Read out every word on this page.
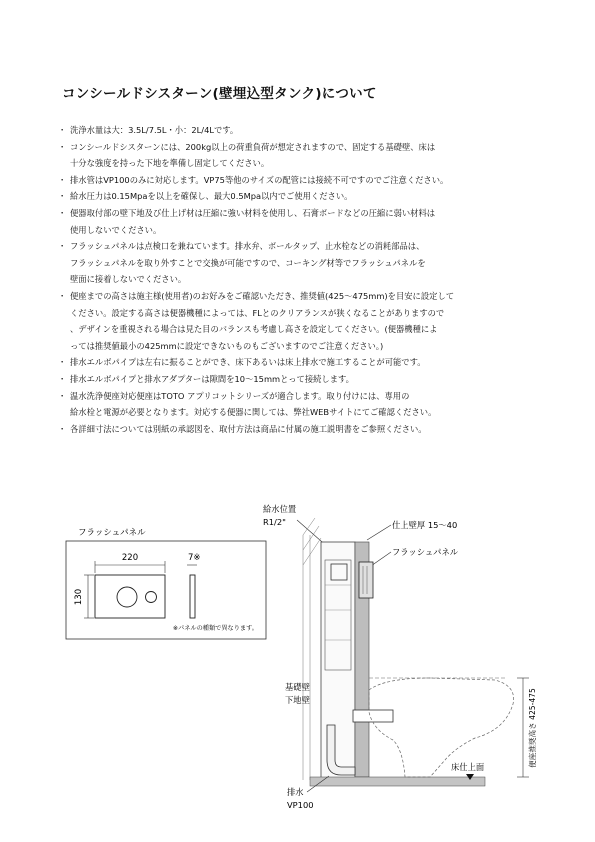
コンシールドシスターン(壁埋込型タンク)について
・ 洗浄水量は大：3.5L/7.5L・小：2L/4Lです。
・ コンシールドシスターンには、200kg以上の荷重負荷が想定されますので、固定する基礎壁、床は
十分な強度を持った下地を準備し固定してください。
・ 排水管はVP100のみに対応します。VP75等他のサイズの配管には接続不可ですのでご注意ください。
・ 給水圧力は0.15Mpaを以上を確保し、最大0.5Mpa以内でご使用ください。
・ 便器取付部の壁下地及び仕上げ材は圧縮に強い材料を使用し、石膏ボードなどの圧縮に弱い材料は
使用しないでください。
・ フラッシュパネルは点検口を兼ねています。排水弁、ボールタップ、止水栓などの消耗部品は、
フラッシュパネルを取り外すことで交換が可能ですので、コーキング材等でフラッシュパネルを
壁面に接着しないでください。
・ 便座までの高さは施主様(使用者)のお好みをご確認いただき、推奨値(425〜475mm)を目安に設定して
ください。設定する高さは便器機種によっては、FLとのクリアランスが狭くなることがありますので
、デザインを重視される場合は見た目のバランスも考慮し高さを設定してください。(便器機種によ
っては推奨値最小の425mmに設定できないものもございますのでご注意ください。)
・ 排水エルボパイプは左右に振ることができ、床下あるいは床上排水で施工することが可能です。
・ 排水エルボパイプと排水アダプターは隙間を10〜15mmとって接続します。
・ 温水洗浄便座対応便座はTOTO アプリコットシリーズが適合します。取り付けには、専用の
給水栓と電源が必要となります。対応する便器に関しては、弊社WEBサイトにてご確認ください。
・ 各詳細寸法については別紙の承認図を、取付方法は商品に付属の施工説明書をご参照ください。
フラッシュパネル
220	7※
130
※パネルの種類で異なります。
給水位置
R1/2"	仕上壁厚 15〜40
フラッシュパネル
便座推奨高さ 425-475
床仕上面
基礎壁
下地壁
排水
VP100
